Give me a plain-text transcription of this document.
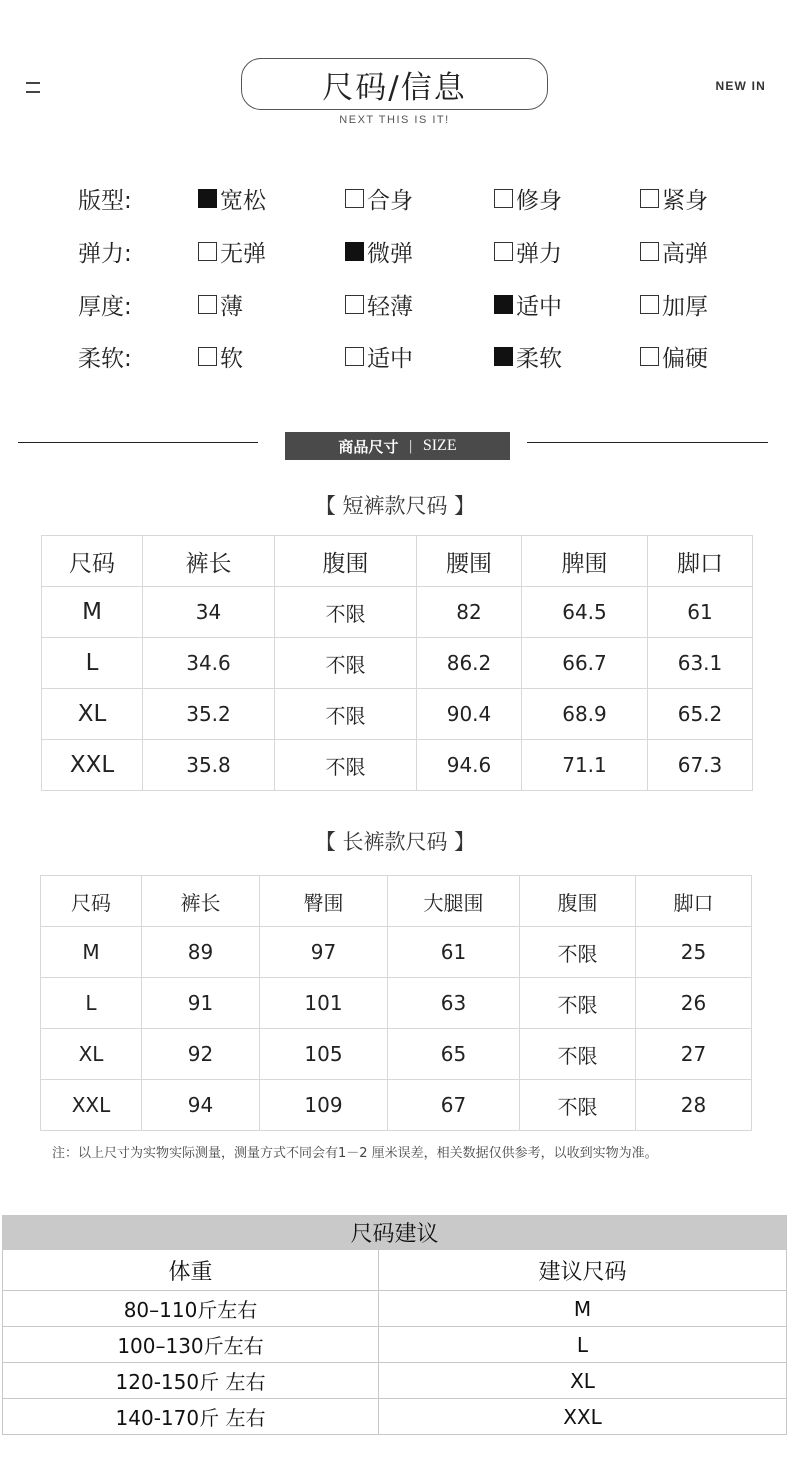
尺码/信息
NEXT THIS IS IT!
NEW IN
版型:	宽松	合身	修身	紧身
弹力:	无弹	微弹	弹力	高弹
厚度:	薄	轻薄	适中	加厚
柔软:	软	适中	柔软	偏硬
商品尺寸 | SIZE
【 短裤款尺码 】
尺码	裤长	腹围	腰围	脾围	脚口
M	34	不限	82	64.5	61
L	34.6	不限	86.2	66.7	63.1
XL	35.2	不限	90.4	68.9	65.2
XXL	35.8	不限	94.6	71.1	67.3
【 长裤款尺码 】
尺码	裤长	臀围	大腿围	腹围	脚口
M	89	97	61	不限	25
L	91	101	63	不限	26
XL	92	105	65	不限	27
XXL	94	109	67	不限	28
注：以上尺寸为实物实际测量，测量方式不同会有1－2 厘米误差，相关数据仅供参考，以收到实物为准。
尺码建议	
体重	建议尺码
80–110斤左右	M
100–130斤左右	L
120-150斤 左右	XL
140-170斤 左右	XXL
